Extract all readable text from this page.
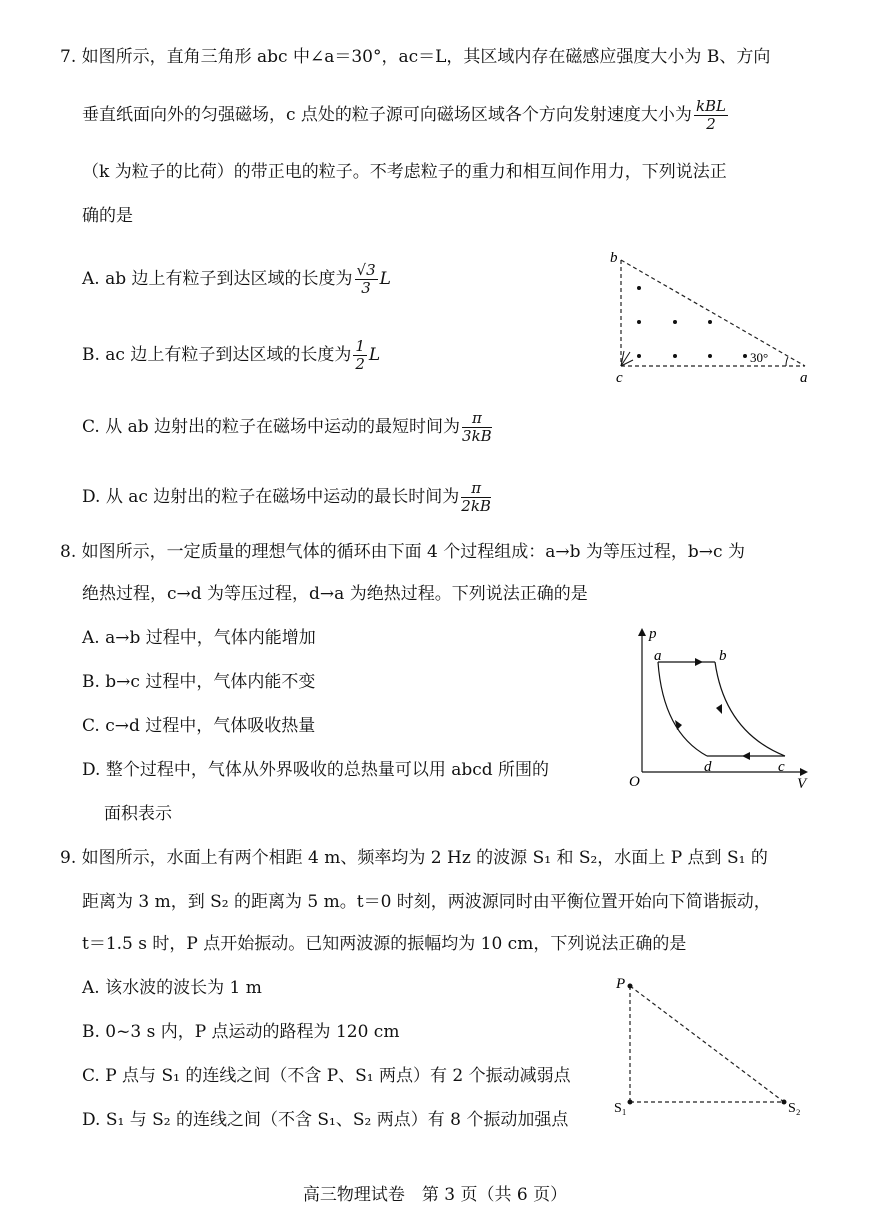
7. 如图所示，直角三角形 abc 中∠a＝30°，ac＝L，其区域内存在磁感应强度大小为 B、方向
垂直纸面向外的匀强磁场，c 点处的粒子源可向磁场区域各个方向发射速度大小为 $\frac{\text{kBL}}{2}$
（k 为粒子的比荷）的带正电的粒子。不考虑粒子的重力和相互间作用力，下列说法正
确的是
A. ab 边上有粒子到达区域的长度为 $\frac{√3}{3}$ L
B. ac 边上有粒子到达区域的长度为 $\frac{1}{2}$ L
C. 从 ab 边射出的粒子在磁场中运动的最短时间为 $\frac{\pi}{3kB}$
D. 从 ac 边射出的粒子在磁场中运动的最长时间为 $\frac{\pi}{2kB}$
b
c	a
30°
8. 如图所示，一定质量的理想气体的循环由下面 4 个过程组成：a→b 为等压过程，b→c 为
绝热过程，c→d 为等压过程，d→a 为绝热过程。下列说法正确的是
A. a→b 过程中，气体内能增加
B. b→c 过程中，气体内能不变
C. c→d 过程中，气体吸收热量
D. 整个过程中，气体从外界吸收的总热量可以用 abcd 所围的
面积表示
p
V
O
a	b
c
d
9. 如图所示，水面上有两个相距 4 m、频率均为 2 Hz 的波源 S₁ 和 S₂，水面上 P 点到 S₁ 的
距离为 3 m，到 S₂ 的距离为 5 m。t＝0 时刻，两波源同时由平衡位置开始向下简谐振动，
t＝1.5 s 时，P 点开始振动。已知两波源的振幅均为 10 cm，下列说法正确的是
A. 该水波的波长为 1 m
B. 0~3 s 内，P 点运动的路程为 120 cm
C. P 点与 S₁ 的连线之间（不含 P、S₁ 两点）有 2 个振动减弱点
D. S₁ 与 S₂ 的连线之间（不含 S₁、S₂ 两点）有 8 个振动加强点
P
S₁	S₂
高三物理试卷　第 3 页（共 6 页）
